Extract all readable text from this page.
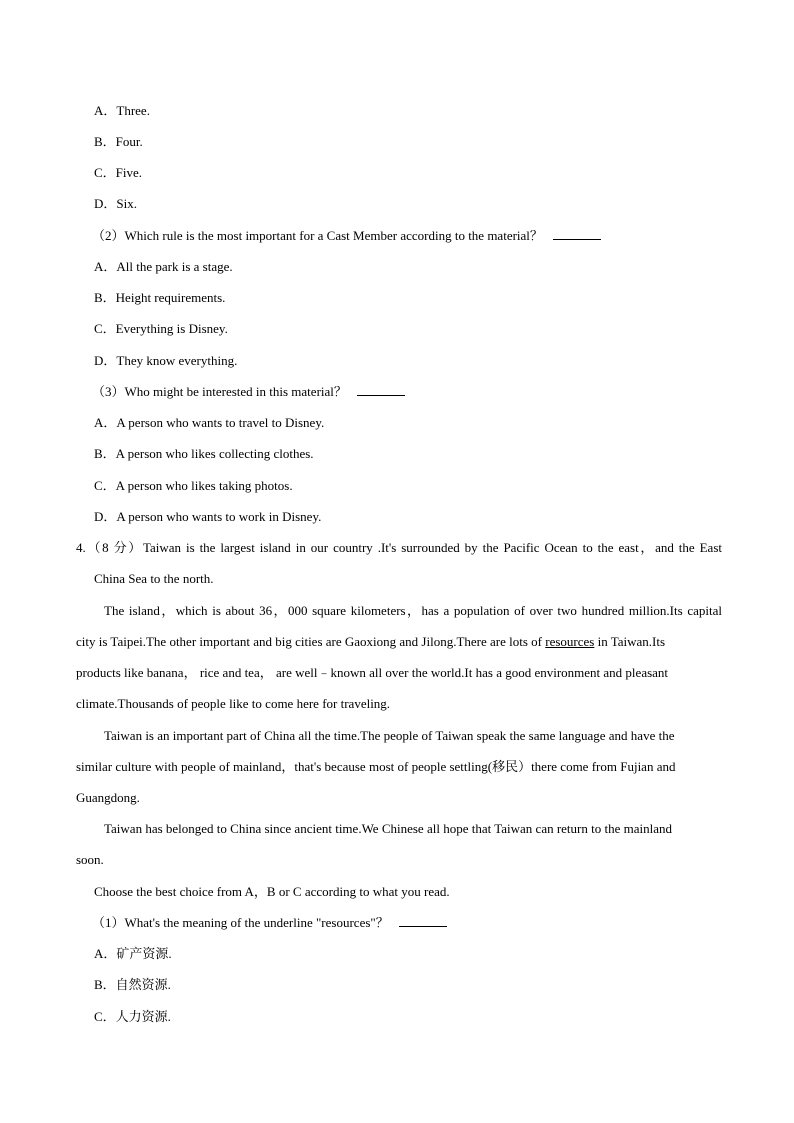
A．Three.
B．Four.
C．Five.
D．Six.
（2）Which rule is the most important for a Cast Member according to the material？
A．All the park is a stage.
B．Height requirements.
C．Everything is Disney.
D．They know everything.
（3）Who might be interested in this material？
A．A person who wants to travel to Disney.
B．A person who likes collecting clothes.
C．A person who likes taking photos.
D．A person who wants to work in Disney.
4.（8 分）Taiwan is the largest island in our country .It's surrounded by the Pacific Ocean to the east，and the East
China Sea to the north.
The island，which is about 36，000 square kilometers，has a population of over two hundred million.Its capital
city is Taipei.The other important and big cities are Gaoxiong and Jilong.There are lots of resources in Taiwan.Its
products like banana， rice and tea， are well﹣known all over the world.It has a good environment and pleasant
climate.Thousands of people like to come here for traveling.
Taiwan is an important part of China all the time.The people of Taiwan speak the same language and have the
similar culture with people of mainland，that's because most of people settling(移民）there come from Fujian and
Guangdong.
Taiwan has belonged to China since ancient time.We Chinese all hope that Taiwan can return to the mainland
soon.
Choose the best choice from A，B or C according to what you read.
（1）What's the meaning of the underline "resources"？
A．矿产资源.
B．自然资源.
C．人力资源.
